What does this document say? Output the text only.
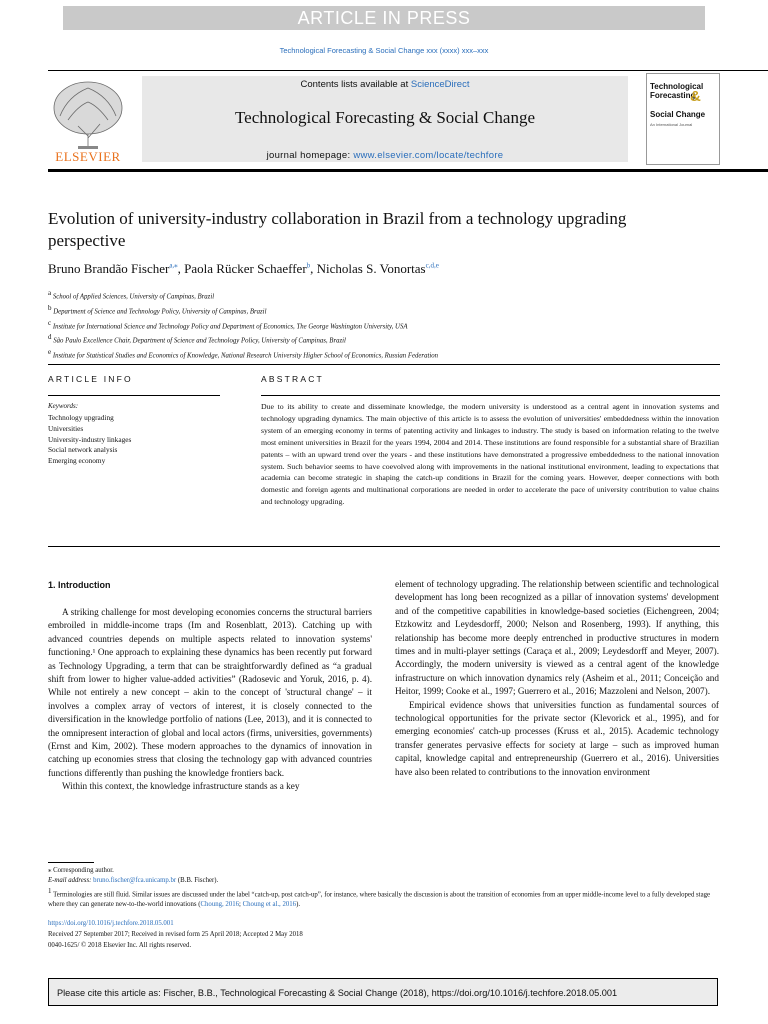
ARTICLE IN PRESS
Technological Forecasting & Social Change xxx (xxxx) xxx–xxx
ELSEVIER
Contents lists available at ScienceDirect
Technological Forecasting & Social Change
journal homepage: www.elsevier.com/locate/techfore
Technological
Forecasting
&
Social Change
An International Journal
Evolution of university-industry collaboration in Brazil from a technology upgrading perspective
Bruno Brandão Fischer$^{a,⁎}$, Paola Rücker Schaeffer$^b$, Nicholas S. Vonortas$^{c,d,e}$
$^a$ School of Applied Sciences, University of Campinas, Brazil
$^b$ Department of Science and Technology Policy, University of Campinas, Brazil
$^c$ Institute for International Science and Technology Policy and Department of Economics, The George Washington University, USA
$^d$ São Paulo Excellence Chair, Department of Science and Technology Policy, University of Campinas, Brazil
$^e$ Institute for Statistical Studies and Economics of Knowledge, National Research University Higher School of Economics, Russian Federation
ARTICLE INFO	ABSTRACT
Keywords:
Technology upgrading
Universities
University-industry linkages
Social network analysis
Emerging economy
Due to its ability to create and disseminate knowledge, the modern university is understood as a central agent in innovation systems and technology upgrading dynamics. The main objective of this article is to assess the evolution of universities' embeddedness within the innovation system of an emerging economy in terms of patenting activity and linkages to industry. The study is based on information relating to the twelve most eminent universities in Brazil for the years 1994, 2004 and 2014. These institutions are found responsible for a substantial share of Brazilian patents – with an upward trend over the years - and these institutions have demonstrated a progressive embeddedness to the national innovation system. Such behavior seems to have coevolved along with improvements in the national institutional environment, leading to expectations that academia can become strategic in shaping the catch-up conditions in Brazil for the coming years. However, deeper connections with both domestic and foreign agents and multinational corporations are needed in order to accelerate the pace of university contribution to value chains and technology upgrading.
1. Introduction

A striking challenge for most developing economies concerns the structural barriers embroiled in middle-income traps (Im and Rosenblatt, 2013). Catching up with advanced countries depends on multiple aspects related to innovation systems' functioning.¹ One approach to explaining these dynamics has been recently put forward as Technology Upgrading, a term that can be straightforwardly defined as “a gradual shift from lower to higher value-added activities” (Radosevic and Yoruk, 2016, p. 4). While not entirely a new concept – akin to the concept of 'structural change' – it involves a complex array of vectors of interest, it is closely connected to the diversification in the knowledge portfolio of nations (Lee, 2013), and it is connected to the omnipresent interaction of global and local actors (firms, universities, governments) (Ernst and Kim, 2002). These modern approaches to the dynamics of innovation in catching up economies stress that closing the technology gap with advanced countries functions differently than pushing the knowledge frontiers back.

Within this context, the knowledge infrastructure stands as a key

element of technology upgrading. The relationship between scientific and technological development has long been recognized as a pillar of innovation systems' development and of the competitive capabilities in knowledge-based societies (Eichengreen, 2004; Etzkowitz and Leydesdorff, 2000; Nelson and Rosenberg, 1993). If anything, this relationship has become more deeply entrenched in productive structures in modern times and in multi-player settings (Caraça et al., 2009; Leydesdorff and Meyer, 2007). Accordingly, the modern university is viewed as a central agent of the knowledge infrastructure on which innovation dynamics rely (Asheim et al., 2011; Conceição and Heitor, 1999; Cooke et al., 1997; Guerrero et al., 2016; Mazzoleni and Nelson, 2007).

Empirical evidence shows that universities function as fundamental sources of technological opportunities for the private sector (Klevorick et al., 1995), and for emerging economies' catch-up processes (Kruss et al., 2015). Academic technology transfer generates pervasive effects for society at large – such as improved human capital, knowledge capital and entrepreneurship (Guerrero et al., 2016). Universities have also been related to contributions to the innovation environment

⁎ Corresponding author.
E-mail address: bruno.fischer@fca.unicamp.br (B.B. Fischer).
$^1$ Terminologies are still fluid. Similar issues are discussed under the label “catch-up, post catch-up”, for instance, where basically the discussion is about the transition of economies from an upper middle-income level to a fully developed stage where they can generate new-to-the-world innovations (Choung, 2016; Choung et al., 2016).
https://doi.org/10.1016/j.techfore.2018.05.001
Received 27 September 2017; Received in revised form 25 April 2018; Accepted 2 May 2018
0040-1625/ © 2018 Elsevier Inc. All rights reserved.
Please cite this article as: Fischer, B.B., Technological Forecasting & Social Change (2018), https://doi.org/10.1016/j.techfore.2018.05.001
